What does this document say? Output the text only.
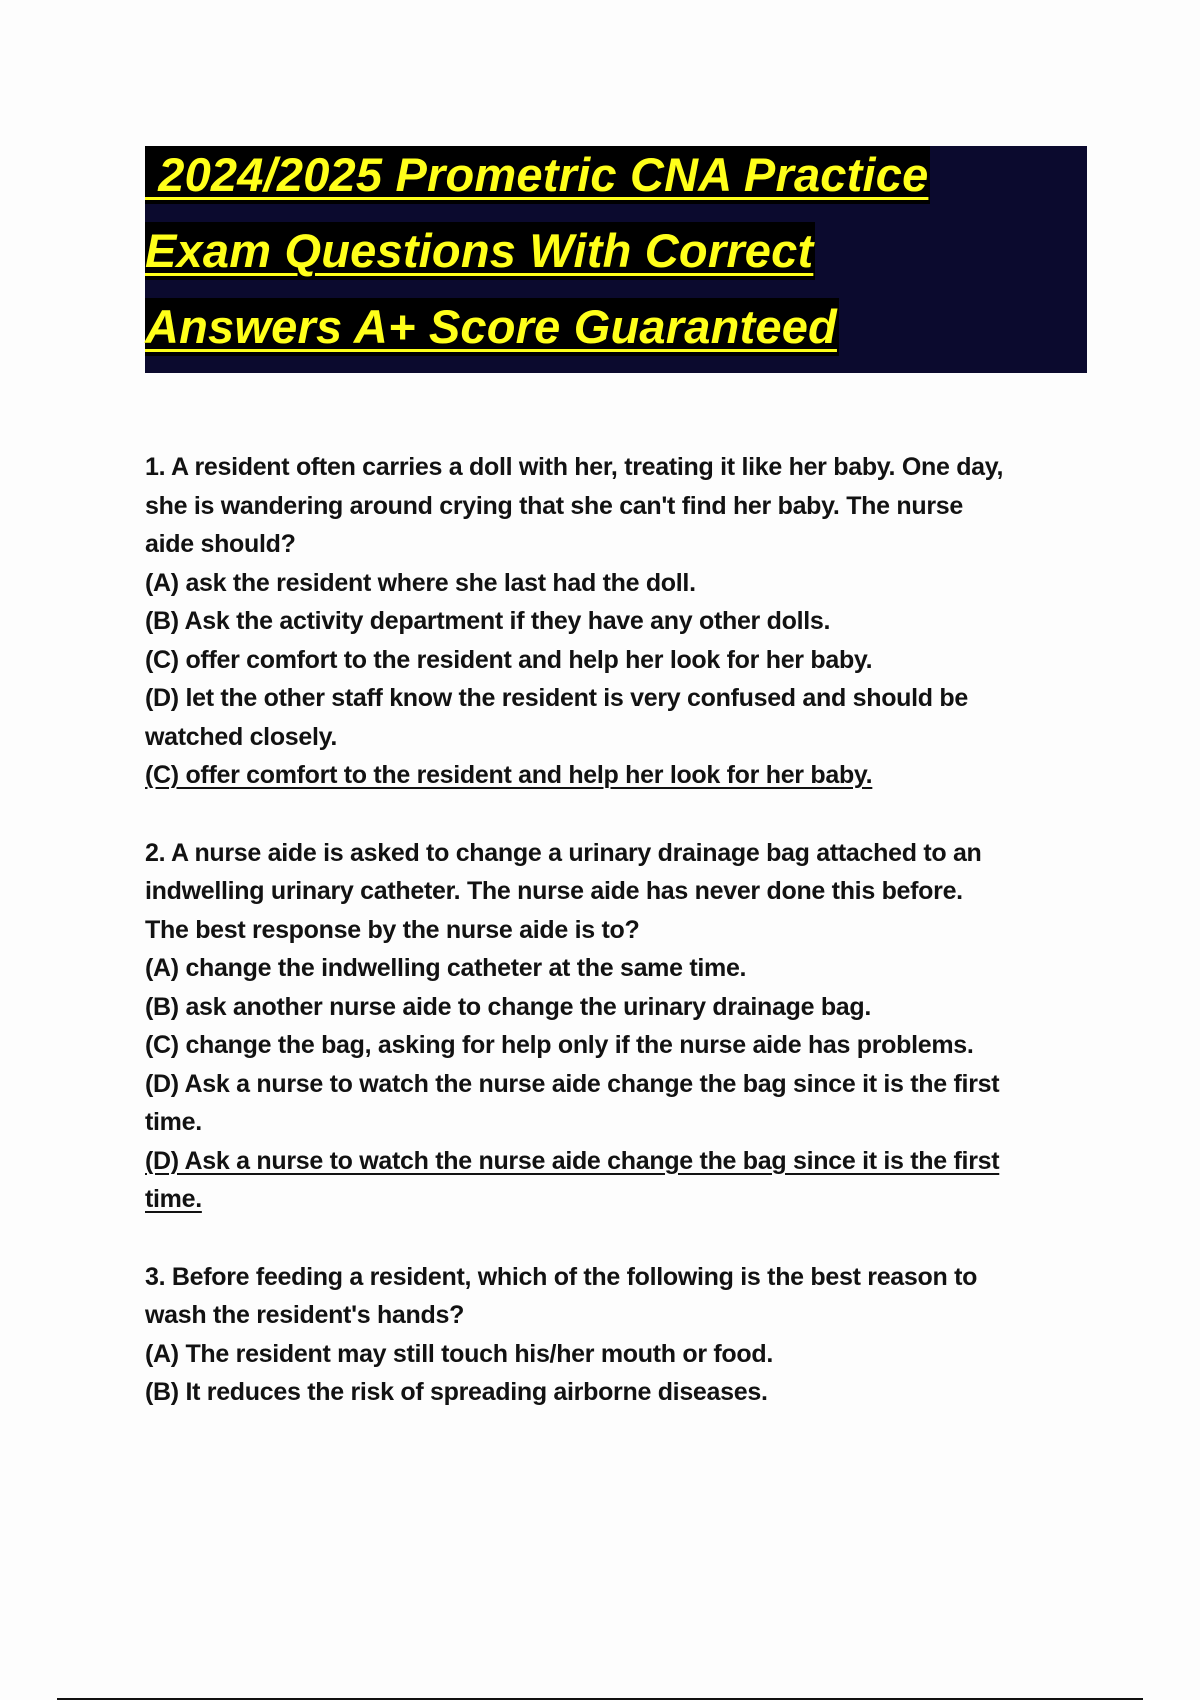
2024/2025 Prometric CNA Practice
Exam Questions With Correct
Answers A+ Score Guaranteed
1. A resident often carries a doll with her, treating it like her baby. One day,
she is wandering around crying that she can't find her baby. The nurse
aide should?
(A) ask the resident where she last had the doll.
(B) Ask the activity department if they have any other dolls.
(C) offer comfort to the resident and help her look for her baby.
(D) let the other staff know the resident is very confused and should be
watched closely.
(C) offer comfort to the resident and help her look for her baby.
2. A nurse aide is asked to change a urinary drainage bag attached to an
indwelling urinary catheter. The nurse aide has never done this before.
The best response by the nurse aide is to?
(A) change the indwelling catheter at the same time.
(B) ask another nurse aide to change the urinary drainage bag.
(C) change the bag, asking for help only if the nurse aide has problems.
(D) Ask a nurse to watch the nurse aide change the bag since it is the first
time.
(D) Ask a nurse to watch the nurse aide change the bag since it is the first
time.
3. Before feeding a resident, which of the following is the best reason to
wash the resident's hands?
(A) The resident may still touch his/her mouth or food.
(B) It reduces the risk of spreading airborne diseases.
